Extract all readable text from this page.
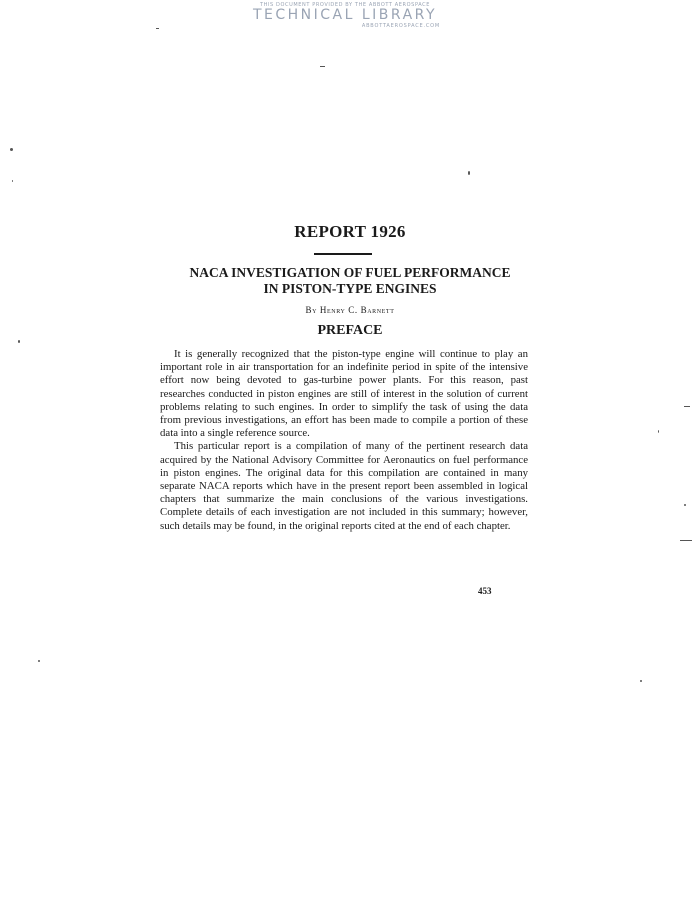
THIS DOCUMENT PROVIDED BY THE ABBOTT AEROSPACE
TECHNICAL LIBRARY
ABBOTTAEROSPACE.COM
REPORT 1926
NACA INVESTIGATION OF FUEL PERFORMANCE
IN PISTON-TYPE ENGINES
By Henry C. Barnett
PREFACE

It is generally recognized that the piston-type engine will continue to play an important role in air transportation for an indefinite period in spite of the intensive effort now being devoted to gas-turbine power plants. For this reason, past researches conducted in piston engines are still of interest in the solution of current problems relating to such engines. In order to simplify the task of using the data from previous investigations, an effort has been made to compile a portion of these data into a single reference source.

This particular report is a compilation of many of the pertinent research data acquired by the National Advisory Committee for Aeronautics on fuel performance in piston engines. The original data for this compilation are contained in many separate NACA reports which have in the present report been assembled in logical chapters that summarize the main conclusions of the various investigations. Complete details of each investigation are not included in this summary; however, such details may be found, in the original reports cited at the end of each chapter.

453
